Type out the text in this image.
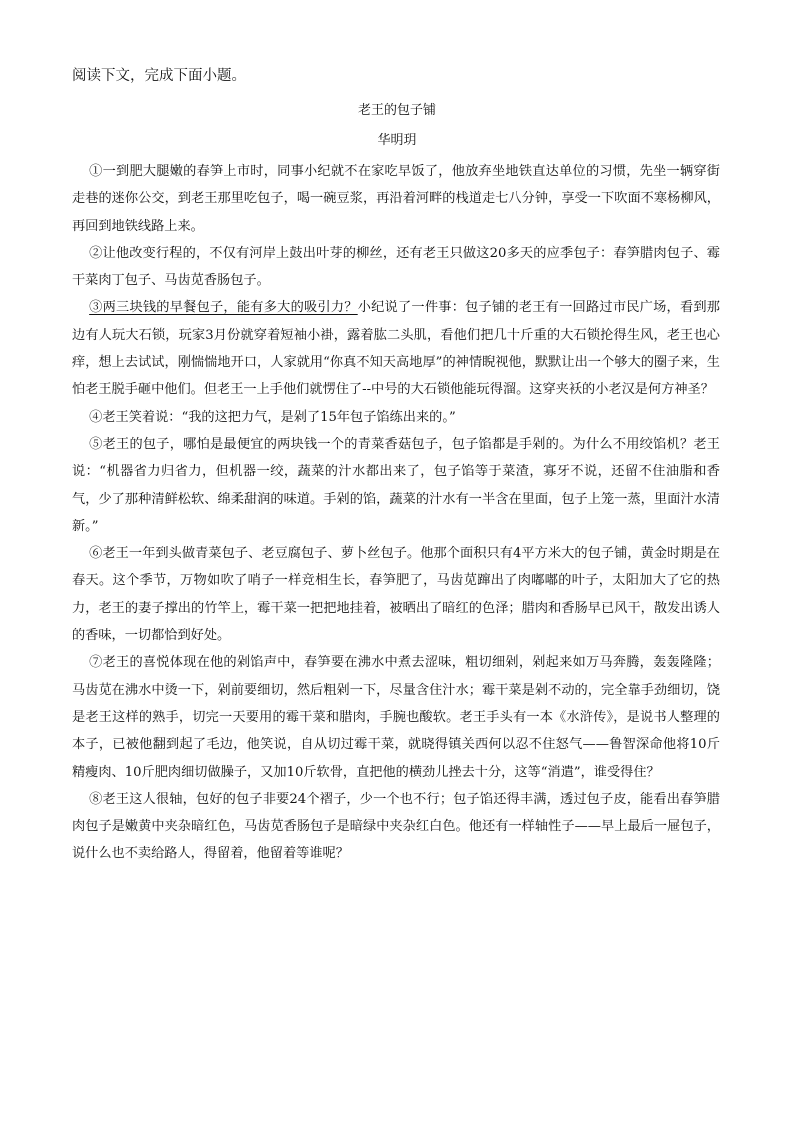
阅读下文，完成下面小题。
老王的包子铺
华明玥

①一到肥大腿嫩的春笋上市时，同事小纪就不在家吃早饭了，他放弃坐地铁直达单位的习惯，先坐一辆穿街走巷的迷你公交，到老王那里吃包子，喝一碗豆浆，再沿着河畔的栈道走七八分钟，享受一下吹面不寒杨柳风，再回到地铁线路上来。

②让他改变行程的，不仅有河岸上鼓出叶芽的柳丝，还有老王只做这20多天的应季包子：春笋腊肉包子、霉干菜肉丁包子、马齿苋香肠包子。

③两三块钱的早餐包子，能有多大的吸引力？小纪说了一件事：包子铺的老王有一回路过市民广场，看到那边有人玩大石锁，玩家3月份就穿着短袖小褂，露着肱二头肌，看他们把几十斤重的大石锁抡得生风，老王也心痒，想上去试试，刚惴惴地开口，人家就用“你真不知天高地厚”的神情睨视他，默默让出一个够大的圈子来，生怕老王脱手砸中他们。但老王一上手他们就愣住了--中号的大石锁他能玩得溜。这穿夹袄的小老汉是何方神圣？

④老王笑着说：“我的这把力气，是剁了15年包子馅练出来的。”

⑤老王的包子，哪怕是最便宜的两块钱一个的青菜香菇包子，包子馅都是手剁的。为什么不用绞馅机？老王说：“机器省力归省力，但机器一绞，蔬菜的汁水都出来了，包子馅等于菜渣，寡牙不说，还留不住油脂和香气，少了那种清鲜松软、绵柔甜润的味道。手剁的馅，蔬菜的汁水有一半含在里面，包子上笼一蒸，里面汁水清新。”

⑥老王一年到头做青菜包子、老豆腐包子、萝卜丝包子。他那个面积只有4平方米大的包子铺，黄金时期是在春天。这个季节，万物如吹了哨子一样竞相生长，春笋肥了，马齿苋蹿出了肉嘟嘟的叶子，太阳加大了它的热力，老王的妻子撑出的竹竿上，霉干菜一把把地挂着，被晒出了暗红的色泽；腊肉和香肠早已风干，散发出诱人的香味，一切都恰到好处。

⑦老王的喜悦体现在他的剁馅声中，春笋要在沸水中煮去涩味，粗切细剁，剁起来如万马奔腾，轰轰隆隆；马齿苋在沸水中烫一下，剁前要细切，然后粗剁一下，尽量含住汁水；霉干菜是剁不动的，完全靠手劲细切，饶是老王这样的熟手，切完一天要用的霉干菜和腊肉，手腕也酸软。老王手头有一本《水浒传》，是说书人整理的本子，已被他翻到起了毛边，他笑说，自从切过霉干菜，就晓得镇关西何以忍不住怒气——鲁智深命他将10斤精瘦肉、10斤肥肉细切做臊子，又加10斤软骨，直把他的横劲儿挫去十分，这等“消遣”，谁受得住？

⑧老王这人很轴，包好的包子非要24个褶子，少一个也不行；包子馅还得丰满，透过包子皮，能看出春笋腊肉包子是嫩黄中夹杂暗红色，马齿苋香肠包子是暗绿中夹杂红白色。他还有一样轴性子——早上最后一屉包子，说什么也不卖给路人，得留着，他留着等谁呢？
